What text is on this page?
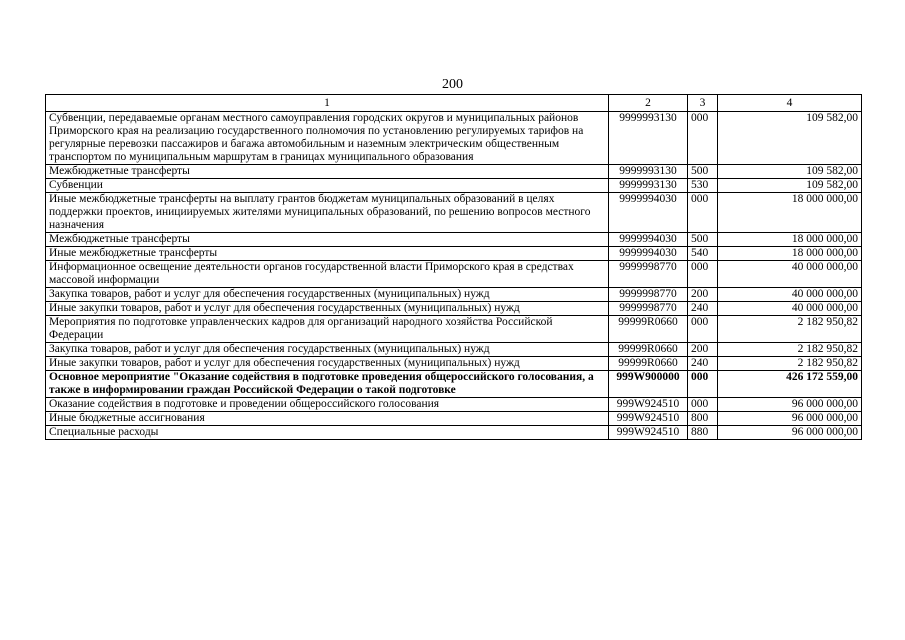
200
1	2	3	4
Субвенции, передаваемые органам местного самоуправления городских округов и муниципальных районов Приморского края на реализацию государственного полномочия по установлению регулируемых тарифов на регулярные перевозки пассажиров и багажа автомобильным и наземным электрическим общественным транспортом по муниципальным маршрутам в границах муниципального образования	9999993130	000	109 582,00
Межбюджетные трансферты	9999993130	500	109 582,00
Субвенции	9999993130	530	109 582,00
Иные межбюджетные трансферты на выплату грантов бюджетам муниципальных образований в целях поддержки проектов, инициируемых жителями муниципальных образований, по решению вопросов местного назначения	9999994030	000	18 000 000,00
Межбюджетные трансферты	9999994030	500	18 000 000,00
Иные межбюджетные трансферты	9999994030	540	18 000 000,00
Информационное освещение деятельности органов государственной власти Приморского края в средствах массовой информации	9999998770	000	40 000 000,00
Закупка товаров, работ и услуг для обеспечения государственных (муниципальных) нужд	9999998770	200	40 000 000,00
Иные закупки товаров, работ и услуг для обеспечения государственных (муниципальных) нужд	9999998770	240	40 000 000,00
Мероприятия по подготовке управленческих кадров для организаций народного хозяйства Российской Федерации	99999R0660	000	2 182 950,82
Закупка товаров, работ и услуг для обеспечения государственных (муниципальных) нужд	99999R0660	200	2 182 950,82
Иные закупки товаров, работ и услуг для обеспечения государственных (муниципальных) нужд	99999R0660	240	2 182 950,82
Основное мероприятие "Оказание содействия в подготовке проведения общероссийского голосования, а также в информировании граждан Российской Федерации о такой подготовке	999W900000	000	426 172 559,00
Оказание содействия в подготовке и проведении общероссийского голосования	999W924510	000	96 000 000,00
Иные бюджетные ассигнования	999W924510	800	96 000 000,00
Специальные расходы	999W924510	880	96 000 000,00
